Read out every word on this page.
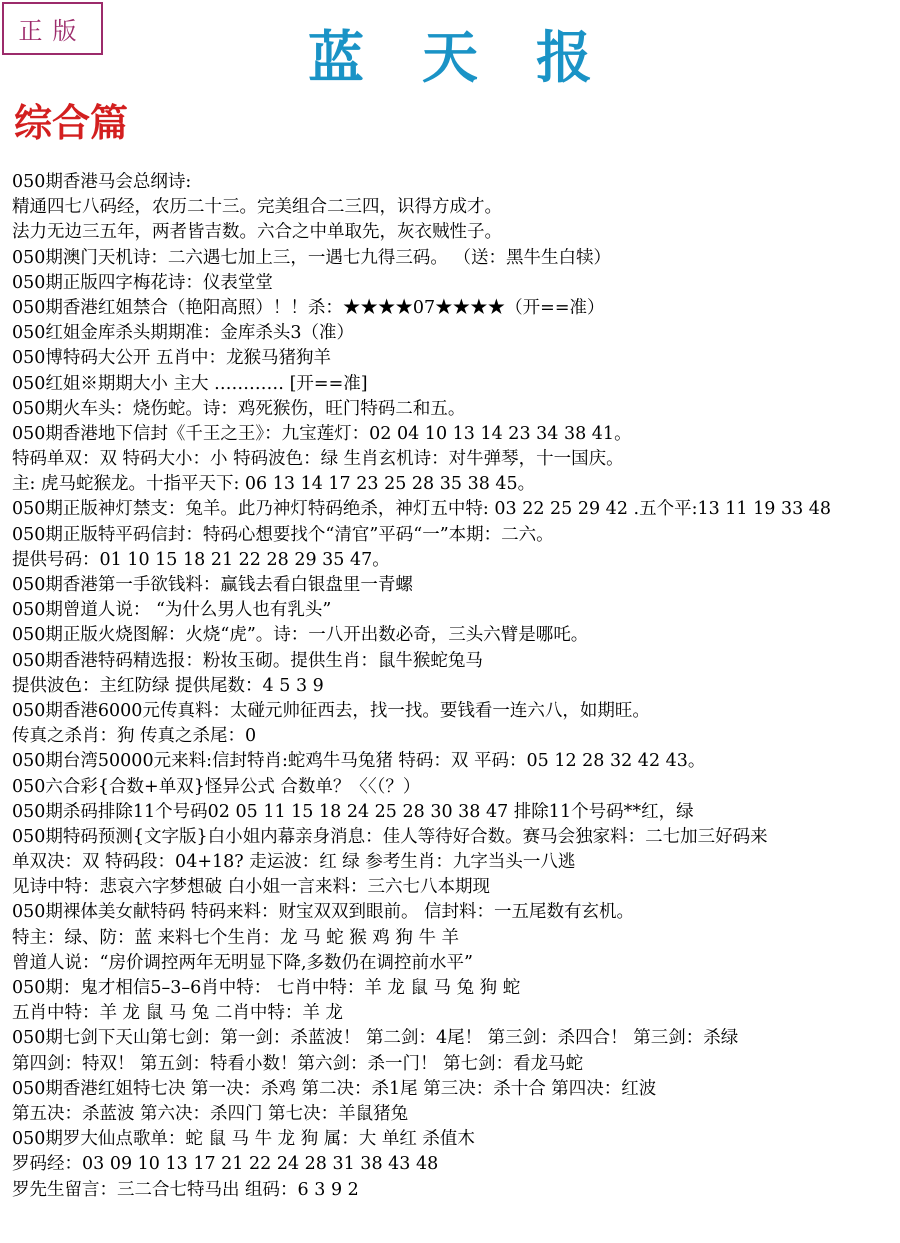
正版	蓝天报
综合篇
050期香港马会总纲诗:
精通四七八码经，农历二十三。完美组合二三四，识得方成才。
法力无边三五年，两者皆吉数。六合之中单取先，灰衣贼性子。
050期澳门天机诗：二六遇七加上三，一遇七九得三码。 （送：黑牛生白犊）
050期正版四字梅花诗：仪表堂堂
050期香港红姐禁合（艳阳高照）！！杀：★★★★07★★★★（开==准）
050红姐金库杀头期期准：金库杀头3（准）
050博特码大公开 五肖中：龙猴马猪狗羊
050红姐※期期大小 主大 ………… [开==准]
050期火车头：烧伤蛇。诗：鸡死猴伤，旺门特码二和五。
050期香港地下信封《千王之王》：九宝莲灯：02 04 10 13 14 23 34 38 41。
特码单双：双 特码大小：小 特码波色：绿 生肖玄机诗：对牛弹琴，十一国庆。
主: 虎马蛇猴龙。十指平天下: 06 13 14 17 23 25 28 35 38 45。
050期正版神灯禁支：兔羊。此乃神灯特码绝杀，神灯五中特: 03 22 25 29 42 .五个平:13 11 19 33 48
050期正版特平码信封：特码心想要找个“清官”平码“一”本期：二六。
提供号码：01 10 15 18 21 22 28 29 35 47。
050期香港第一手欲钱料：赢钱去看白银盘里一青螺
050期曾道人说： “为什么男人也有乳头”
050期正版火烧图解：火烧“虎”。诗：一八开出数必奇，三头六臂是哪吒。
050期香港特码精选报：粉妆玉砌。提供生肖：鼠牛猴蛇兔马
提供波色：主红防绿 提供尾数：4 5 3 9
050期香港6000元传真料：太碰元帅征西去，找一找。要钱看一连六八，如期旺。
传真之杀肖：狗 传真之杀尾：0
050期台湾50000元来料:信封特肖:蛇鸡牛马兔猪 特码：双 平码：05 12 28 32 42 43。
050六合彩{合数+单双}怪异公式 合数单？〈〈（？）
050期杀码排除11个号码02 05 11 15 18 24 25 28 30 38 47 排除11个号码**红，绿
050期特码预测{文字版}白小姐内幕亲身消息：佳人等待好合数。赛马会独家料：二七加三好码来
单双决：双 特码段：04+18? 走运波：红 绿 参考生肖：九字当头一八逃
见诗中特：悲哀六字梦想破 白小姐一言来料：三六七八本期现
050期裸体美女献特码 特码来料：财宝双双到眼前。 信封料：一五尾数有玄机。
特主：绿、防：蓝 来料七个生肖：龙 马 蛇 猴 鸡 狗 牛 羊
曾道人说：“房价调控两年无明显下降,多数仍在调控前水平”
050期：鬼才相信5–3–6肖中特： 七肖中特：羊 龙 鼠 马 兔 狗 蛇
五肖中特：羊 龙 鼠 马 兔 二肖中特：羊 龙
050期七剑下天山第七剑：第一剑：杀蓝波！ 第二剑：4尾！ 第三剑：杀四合！ 第三剑：杀绿
第四剑：特双！ 第五剑：特看小数！第六剑：杀一门！ 第七剑：看龙马蛇
050期香港红姐特七决 第一决：杀鸡 第二决：杀1尾 第三决：杀十合 第四决：红波
第五决：杀蓝波 第六决：杀四门 第七决：羊鼠猪兔
050期罗大仙点歌单：蛇 鼠 马 牛 龙 狗 属：大 单红 杀值木
罗码经：03 09 10 13 17 21 22 24 28 31 38 43 48
罗先生留言：三二合七特马出 组码：6 3 9 2
